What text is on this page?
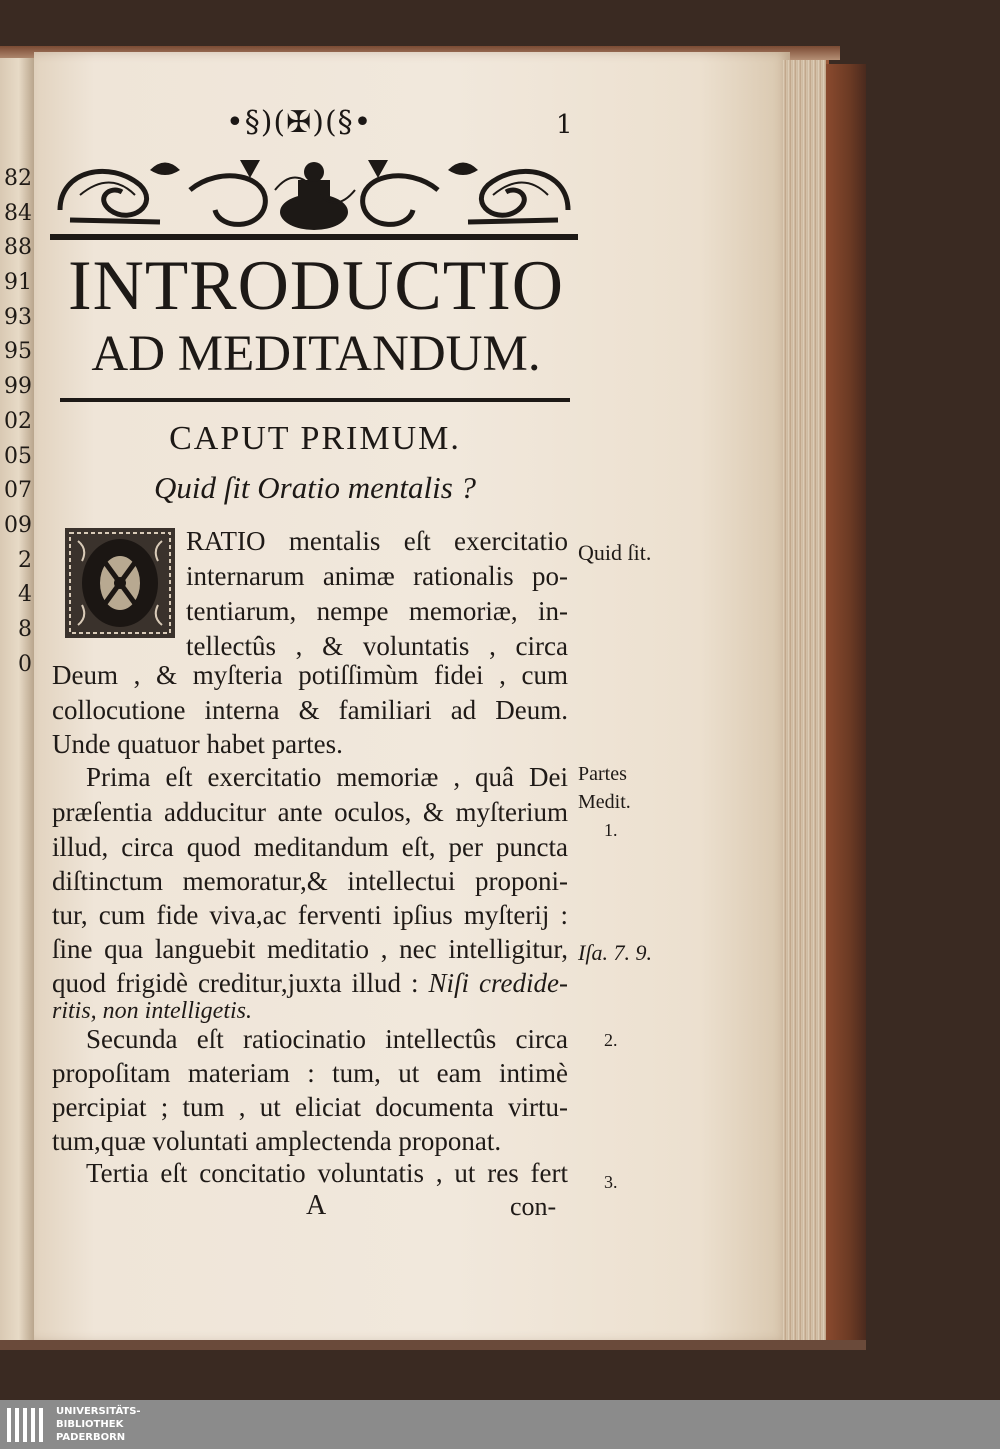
82
84
88
91
93
95
99
02
05
07
09
2
4
8
0
•§)(✠)(§•	1
INTRODUCTIO
AD MEDITANDUM.
CAPUT PRIMUM.
Quid ſit Oratio mentalis ?
RATIO mentalis eſt exercitatio
internarum animæ rationalis po-
tentiarum, nempe memoriæ, in-
tellectûs , & voluntatis , circa
Deum , & myſteria potiſſimùm fidei , cum
collocutione interna & familiari ad Deum.
Unde quatuor habet partes.
Prima eſt exercitatio memoriæ , quâ Dei
præſentia adducitur ante oculos, & myſterium
illud, circa quod meditandum eſt, per puncta
diſtinctum memoratur,& intellectui proponi-
tur, cum fide viva,ac ferventi ipſius myſterij :
ſine qua languebit meditatio , nec intelligitur,
quod frigidè creditur,juxta illud : Niſi credide-
ritis, non intelligetis.
Secunda eſt ratiocinatio intellectûs circa
propoſitam materiam : tum, ut eam intimè
percipiat ; tum , ut eliciat documenta virtu-
tum,quæ voluntati amplectenda proponat.
Tertia eſt concitatio voluntatis , ut res fert
Quid ſit.
Partes
Medit.
1.
Iſa. 7. 9.
2.
3.
A	con-
UNIVERSITÄTS-
BIBLIOTHEK
PADERBORN
